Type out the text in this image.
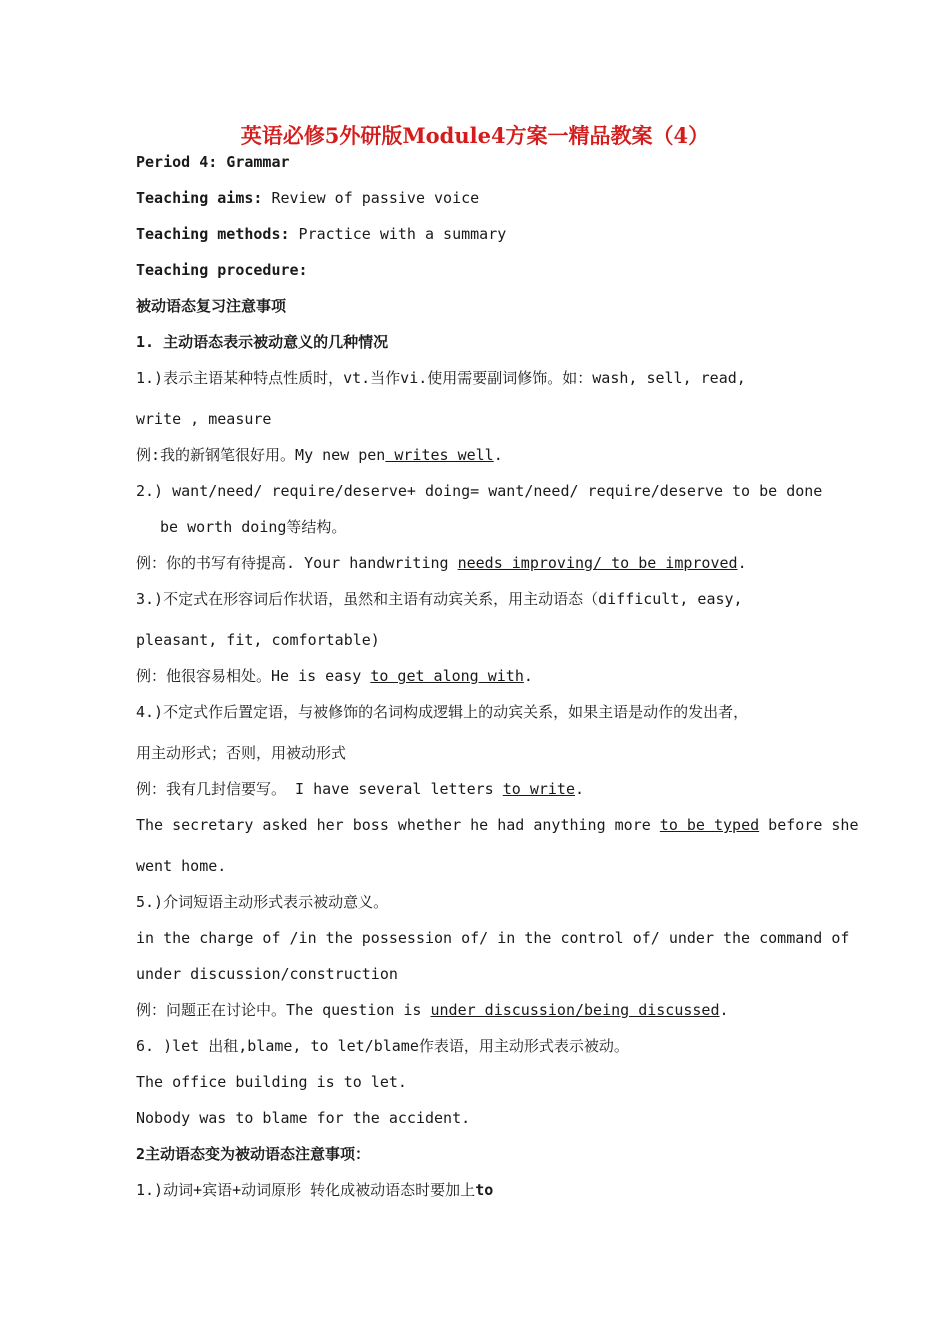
英语必修5外研版Module4方案一精品教案（4）
Period 4: Grammar
Teaching aims: Review of passive voice
Teaching methods: Practice with a summary
Teaching procedure:
被动语态复习注意事项
1. 主动语态表示被动意义的几种情况
1.)表示主语某种特点性质时，vt.当作vi.使用需要副词修饰。如：wash, sell, read,
write , measure
例:我的新钢笔很好用。My new pen writes well.
2.) want/need/ require/deserve+ doing= want/need/ require/deserve to be done
be worth doing等结构。
例：你的书写有待提高. Your handwriting needs improving/ to be improved.
3.)不定式在形容词后作状语，虽然和主语有动宾关系，用主动语态（difficult, easy,
pleasant, fit, comfortable)
例：他很容易相处。He is easy to get along with.
4.)不定式作后置定语，与被修饰的名词构成逻辑上的动宾关系，如果主语是动作的发出者，
用主动形式；否则，用被动形式
例：我有几封信要写。 I have several letters to write.
The secretary asked her boss whether he had anything more to be typed before she
went home.
5.)介词短语主动形式表示被动意义。
in the charge of /in the possession of/ in the control of/ under the command of
under discussion/construction
例：问题正在讨论中。The question is under discussion/being discussed.
6. )let 出租,blame, to let/blame作表语，用主动形式表示被动。
The office building is to let.
Nobody was to blame for the accident.
2主动语态变为被动语态注意事项：
1.)动词+宾语+动词原形 转化成被动语态时要加上to
